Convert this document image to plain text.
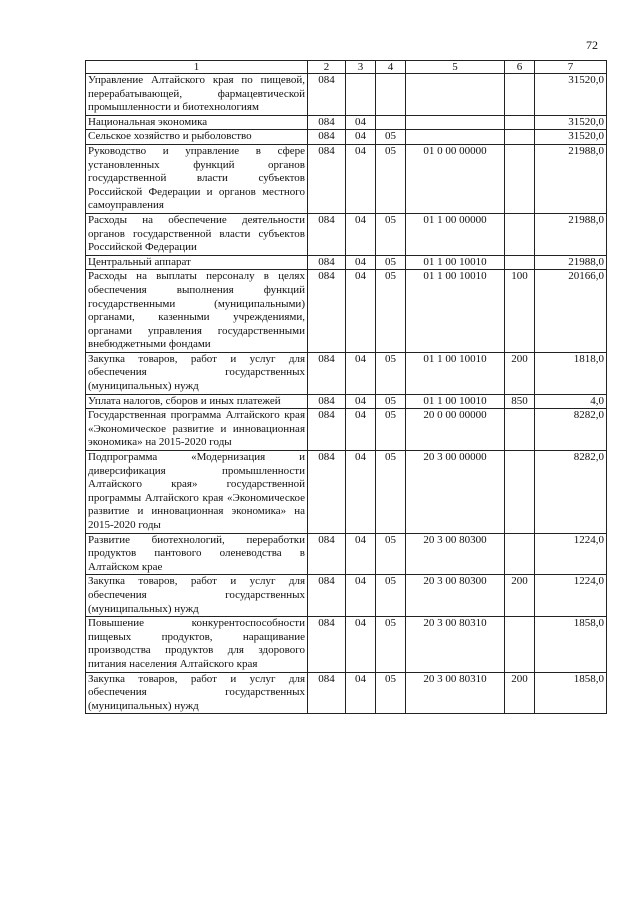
72
1	2	3	4	5	6	7
Управление Алтайского края по пищевой, перерабатывающей, фармацевтической промышленности и биотехнологиям	084					31520,0
Национальная экономика	084	04				31520,0
Сельское хозяйство и рыболовство	084	04	05			31520,0
Руководство и управление в сфере установленных функций органов государственной власти субъектов Российской Федерации и органов местного самоуправления	084	04	05	01 0 00 00000		21988,0
Расходы на обеспечение деятельности органов государственной власти субъектов Российской Федерации	084	04	05	01 1 00 00000		21988,0
Центральный аппарат	084	04	05	01 1 00 10010		21988,0
Расходы на выплаты персоналу в целях обеспечения выполнения функций государственными (муниципальными) органами, казенными учреждениями, органами управления государственными внебюджетными фондами	084	04	05	01 1 00 10010	100	20166,0
Закупка товаров, работ и услуг для обеспечения государственных (муниципальных) нужд	084	04	05	01 1 00 10010	200	1818,0
Уплата налогов, сборов и иных платежей	084	04	05	01 1 00 10010	850	4,0
Государственная программа Алтайского края «Экономическое развитие и инновационная экономика» на 2015-2020 годы	084	04	05	20 0 00 00000		8282,0
Подпрограмма «Модернизация и диверсификация промышленности Алтайского края» государственной программы Алтайского края «Экономическое развитие и инновационная экономика» на 2015-2020 годы	084	04	05	20 3 00 00000		8282,0
Развитие биотехнологий, переработки продуктов пантового оленеводства в Алтайском крае	084	04	05	20 3 00 80300		1224,0
Закупка товаров, работ и услуг для обеспечения государственных (муниципальных) нужд	084	04	05	20 3 00 80300	200	1224,0
Повышение конкурентоспособности пищевых продуктов, наращивание производства продуктов для здорового питания населения Алтайского края	084	04	05	20 3 00 80310		1858,0
Закупка товаров, работ и услуг для обеспечения государственных (муниципальных) нужд	084	04	05	20 3 00 80310	200	1858,0
